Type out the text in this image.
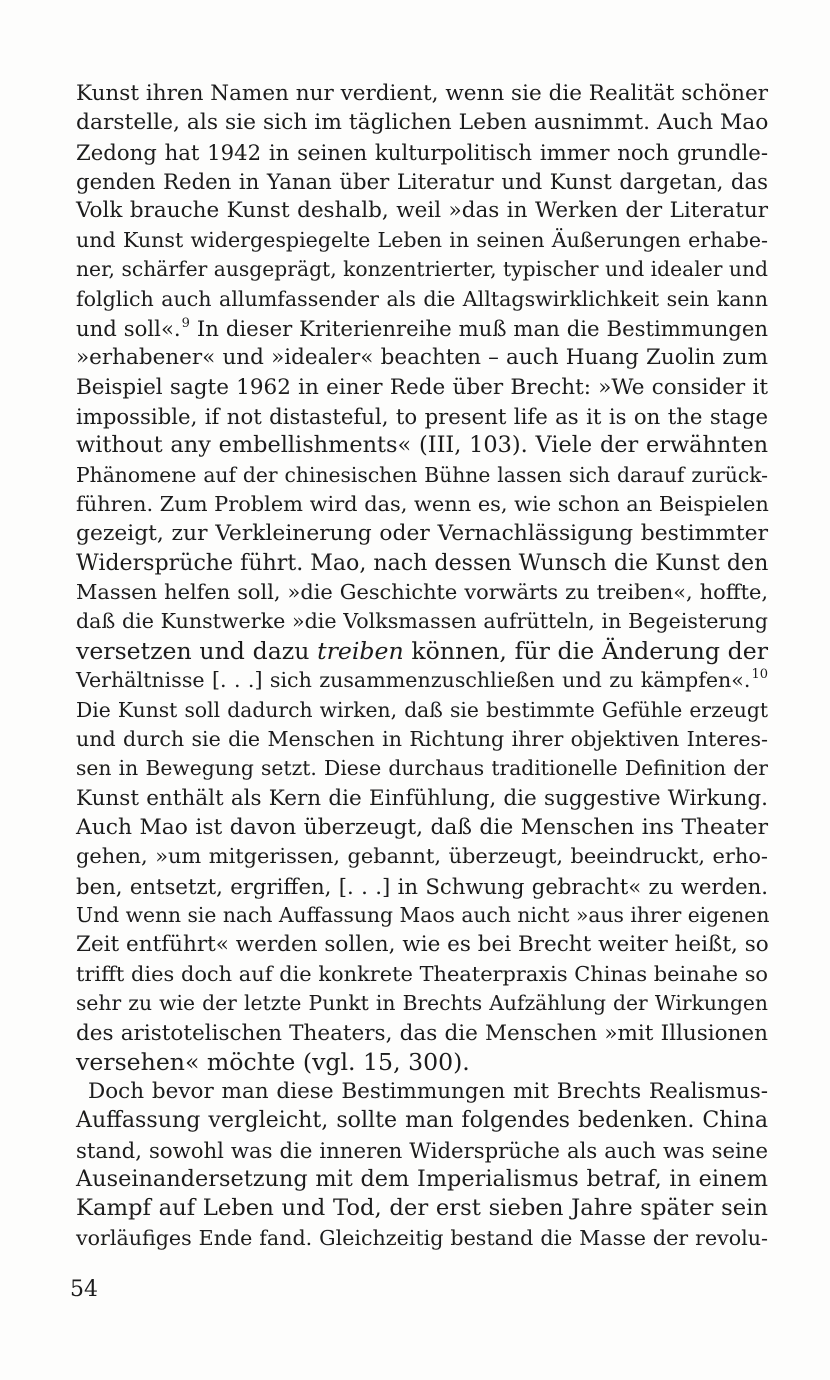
Kunst ihren Namen nur verdient, wenn sie die Realität schöner
darstelle, als sie sich im täglichen Leben ausnimmt. Auch Mao
Zedong hat 1942 in seinen kulturpolitisch immer noch grundle-
genden Reden in Yanan über Literatur und Kunst dargetan, das
Volk brauche Kunst deshalb, weil »das in Werken der Literatur
und Kunst widergespiegelte Leben in seinen Äußerungen erhabe-
ner, schärfer ausgeprägt, konzentrierter, typischer und idealer und
folglich auch allumfassender als die Alltagswirklichkeit sein kann
und soll«.$^9$ In dieser Kriterienreihe muß man die Bestimmungen
»erhabener« und »idealer« beachten – auch Huang Zuolin zum
Beispiel sagte 1962 in einer Rede über Brecht: »We consider it
impossible, if not distasteful, to present life as it is on the stage
without any embellishments« (III, 103). Viele der erwähnten
Phänomene auf der chinesischen Bühne lassen sich darauf zurück-
führen. Zum Problem wird das, wenn es, wie schon an Beispielen
gezeigt, zur Verkleinerung oder Vernachlässigung bestimmter
Widersprüche führt. Mao, nach dessen Wunsch die Kunst den
Massen helfen soll, »die Geschichte vorwärts zu treiben«, hoffte,
daß die Kunstwerke »die Volksmassen aufrütteln, in Begeisterung
versetzen und dazu treiben können, für die Änderung der
Verhältnisse [. . .] sich zusammenzuschließen und zu kämpfen«.$^{10}$
Die Kunst soll dadurch wirken, daß sie bestimmte Gefühle erzeugt
und durch sie die Menschen in Richtung ihrer objektiven Interes-
sen in Bewegung setzt. Diese durchaus traditionelle Definition der
Kunst enthält als Kern die Einfühlung, die suggestive Wirkung.
Auch Mao ist davon überzeugt, daß die Menschen ins Theater
gehen, »um mitgerissen, gebannt, überzeugt, beeindruckt, erho-
ben, entsetzt, ergriffen, [. . .] in Schwung gebracht« zu werden.
Und wenn sie nach Auffassung Maos auch nicht »aus ihrer eigenen
Zeit entführt« werden sollen, wie es bei Brecht weiter heißt, so
trifft dies doch auf die konkrete Theaterpraxis Chinas beinahe so
sehr zu wie der letzte Punkt in Brechts Aufzählung der Wirkungen
des aristotelischen Theaters, das die Menschen »mit Illusionen
versehen« möchte (vgl. 15, 300).
Doch bevor man diese Bestimmungen mit Brechts Realismus-
Auffassung vergleicht, sollte man folgendes bedenken. China
stand, sowohl was die inneren Widersprüche als auch was seine
Auseinandersetzung mit dem Imperialismus betraf, in einem
Kampf auf Leben und Tod, der erst sieben Jahre später sein
vorläufiges Ende fand. Gleichzeitig bestand die Masse der revolu-
54
